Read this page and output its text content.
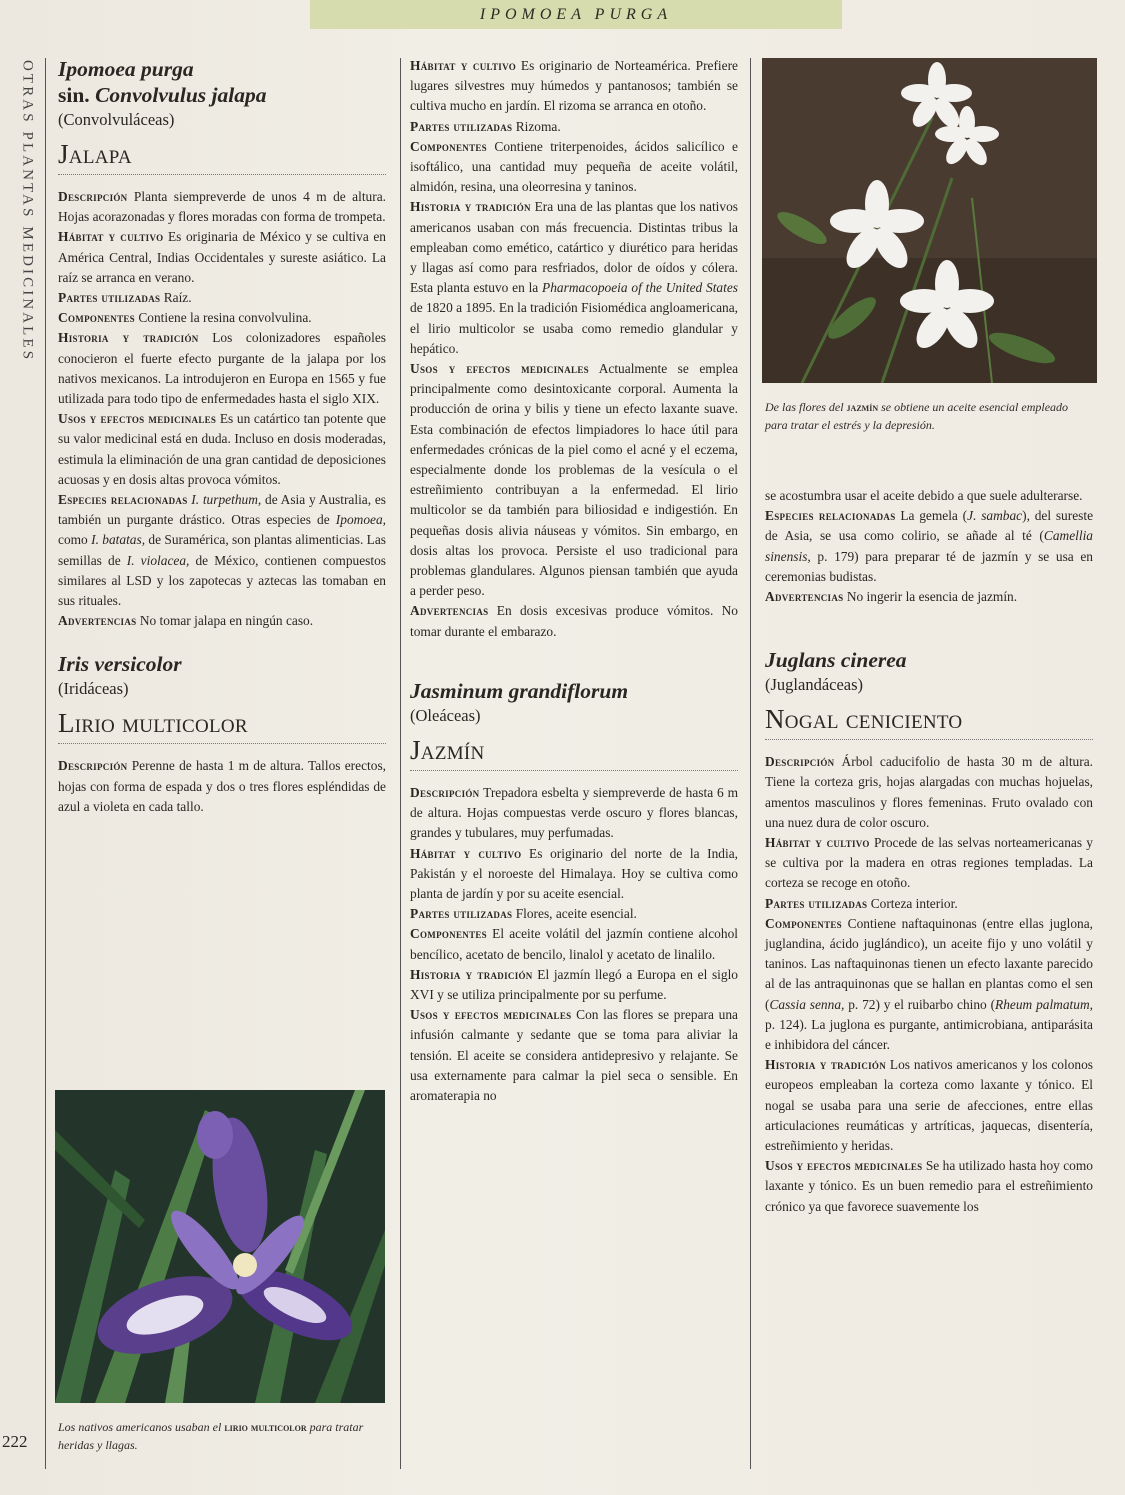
IPOMOEA PURGA
OTRAS PLANTAS MEDICINALES
222
Ipomoea purga
sin. Convolvulus jalapa
(Convolvuláceas)
Jalapa

Descripción Planta siempreverde de unos 4 m de altura. Hojas acorazonadas y flores moradas con forma de trompeta.

Hábitat y cultivo Es originaria de México y se cultiva en América Central, Indias Occidentales y sureste asiático. La raíz se arranca en verano.

Partes utilizadas Raíz.

Componentes Contiene la resina convolvulina.

Historia y tradición Los colonizadores españoles conocieron el fuerte efecto purgante de la jalapa por los nativos mexicanos. La introdujeron en Europa en 1565 y fue utilizada para todo tipo de enfermedades hasta el siglo XIX.

Usos y efectos medicinales Es un catártico tan potente que su valor medicinal está en duda. Incluso en dosis moderadas, estimula la eliminación de una gran cantidad de deposiciones acuosas y en dosis altas provoca vómitos.

Especies relacionadas I. turpethum, de Asia y Australia, es también un purgante drástico. Otras especies de Ipomoea, como I. batatas, de Suramérica, son plantas alimenticias. Las semillas de I. violacea, de México, contienen compuestos similares al LSD y los zapotecas y aztecas las tomaban en sus rituales.

Advertencias No tomar jalapa en ningún caso.

Iris versicolor
(Iridáceas)
Lirio multicolor

Descripción Perenne de hasta 1 m de altura. Tallos erectos, hojas con forma de espada y dos o tres flores espléndidas de azul a violeta en cada tallo.

Los nativos americanos usaban el lirio multicolor para tratar heridas y llagas.

Hábitat y cultivo Es originario de Norteamérica. Prefiere lugares silvestres muy húmedos y pantanosos; también se cultiva mucho en jardín. El rizoma se arranca en otoño.

Partes utilizadas Rizoma.

Componentes Contiene triterpenoides, ácidos salicílico e isoftálico, una cantidad muy pequeña de aceite volátil, almidón, resina, una oleorresina y taninos.

Historia y tradición Era una de las plantas que los nativos americanos usaban con más frecuencia. Distintas tribus la empleaban como emético, catártico y diurético para heridas y llagas así como para resfriados, dolor de oídos y cólera. Esta planta estuvo en la Pharmacopoeia of the United States de 1820 a 1895. En la tradición Fisiomédica angloamericana, el lirio multicolor se usaba como remedio glandular y hepático.

Usos y efectos medicinales Actualmente se emplea principalmente como desintoxicante corporal. Aumenta la producción de orina y bilis y tiene un efecto laxante suave. Esta combinación de efectos limpiadores lo hace útil para enfermedades crónicas de la piel como el acné y el eczema, especialmente donde los problemas de la vesícula o el estreñimiento contribuyan a la enfermedad. El lirio multicolor se da también para biliosidad e indigestión. En pequeñas dosis alivia náuseas y vómitos. Sin embargo, en dosis altas los provoca. Persiste el uso tradicional para problemas glandulares. Algunos piensan también que ayuda a perder peso.

Advertencias En dosis excesivas produce vómitos. No tomar durante el embarazo.

Jasminum grandiflorum
(Oleáceas)
Jazmín

Descripción Trepadora esbelta y siempreverde de hasta 6 m de altura. Hojas compuestas verde oscuro y flores blancas, grandes y tubulares, muy perfumadas.

Hábitat y cultivo Es originario del norte de la India, Pakistán y el noroeste del Himalaya. Hoy se cultiva como planta de jardín y por su aceite esencial.

Partes utilizadas Flores, aceite esencial.

Componentes El aceite volátil del jazmín contiene alcohol bencílico, acetato de bencilo, linalol y acetato de linalilo.

Historia y tradición El jazmín llegó a Europa en el siglo XVI y se utiliza principalmente por su perfume.

Usos y efectos medicinales Con las flores se prepara una infusión calmante y sedante que se toma para aliviar la tensión. El aceite se considera antidepresivo y relajante. Se usa externamente para calmar la piel seca o sensible. En aromaterapia no

De las flores del jazmín se obtiene un aceite esencial empleado para tratar el estrés y la depresión.

se acostumbra usar el aceite debido a que suele adulterarse.

Especies relacionadas La gemela (J. sambac), del sureste de Asia, se usa como colirio, se añade al té (Camellia sinensis, p. 179) para preparar té de jazmín y se usa en ceremonias budistas.

Advertencias No ingerir la esencia de jazmín.

Juglans cinerea
(Juglandáceas)
Nogal ceniciento

Descripción Árbol caducifolio de hasta 30 m de altura. Tiene la corteza gris, hojas alargadas con muchas hojuelas, amentos masculinos y flores femeninas. Fruto ovalado con una nuez dura de color oscuro.

Hábitat y cultivo Procede de las selvas norteamericanas y se cultiva por la madera en otras regiones templadas. La corteza se recoge en otoño.

Partes utilizadas Corteza interior.

Componentes Contiene naftaquinonas (entre ellas juglona, juglandina, ácido juglándico), un aceite fijo y uno volátil y taninos. Las naftaquinonas tienen un efecto laxante parecido al de las antraquinonas que se hallan en plantas como el sen (Cassia senna, p. 72) y el ruibarbo chino (Rheum palmatum, p. 124). La juglona es purgante, antimicrobiana, antiparásita e inhibidora del cáncer.

Historia y tradición Los nativos americanos y los colonos europeos empleaban la corteza como laxante y tónico. El nogal se usaba para una serie de afecciones, entre ellas articulaciones reumáticas y artríticas, jaquecas, disentería, estreñimiento y heridas.

Usos y efectos medicinales Se ha utilizado hasta hoy como laxante y tónico. Es un buen remedio para el estreñimiento crónico ya que favorece suavemente los
